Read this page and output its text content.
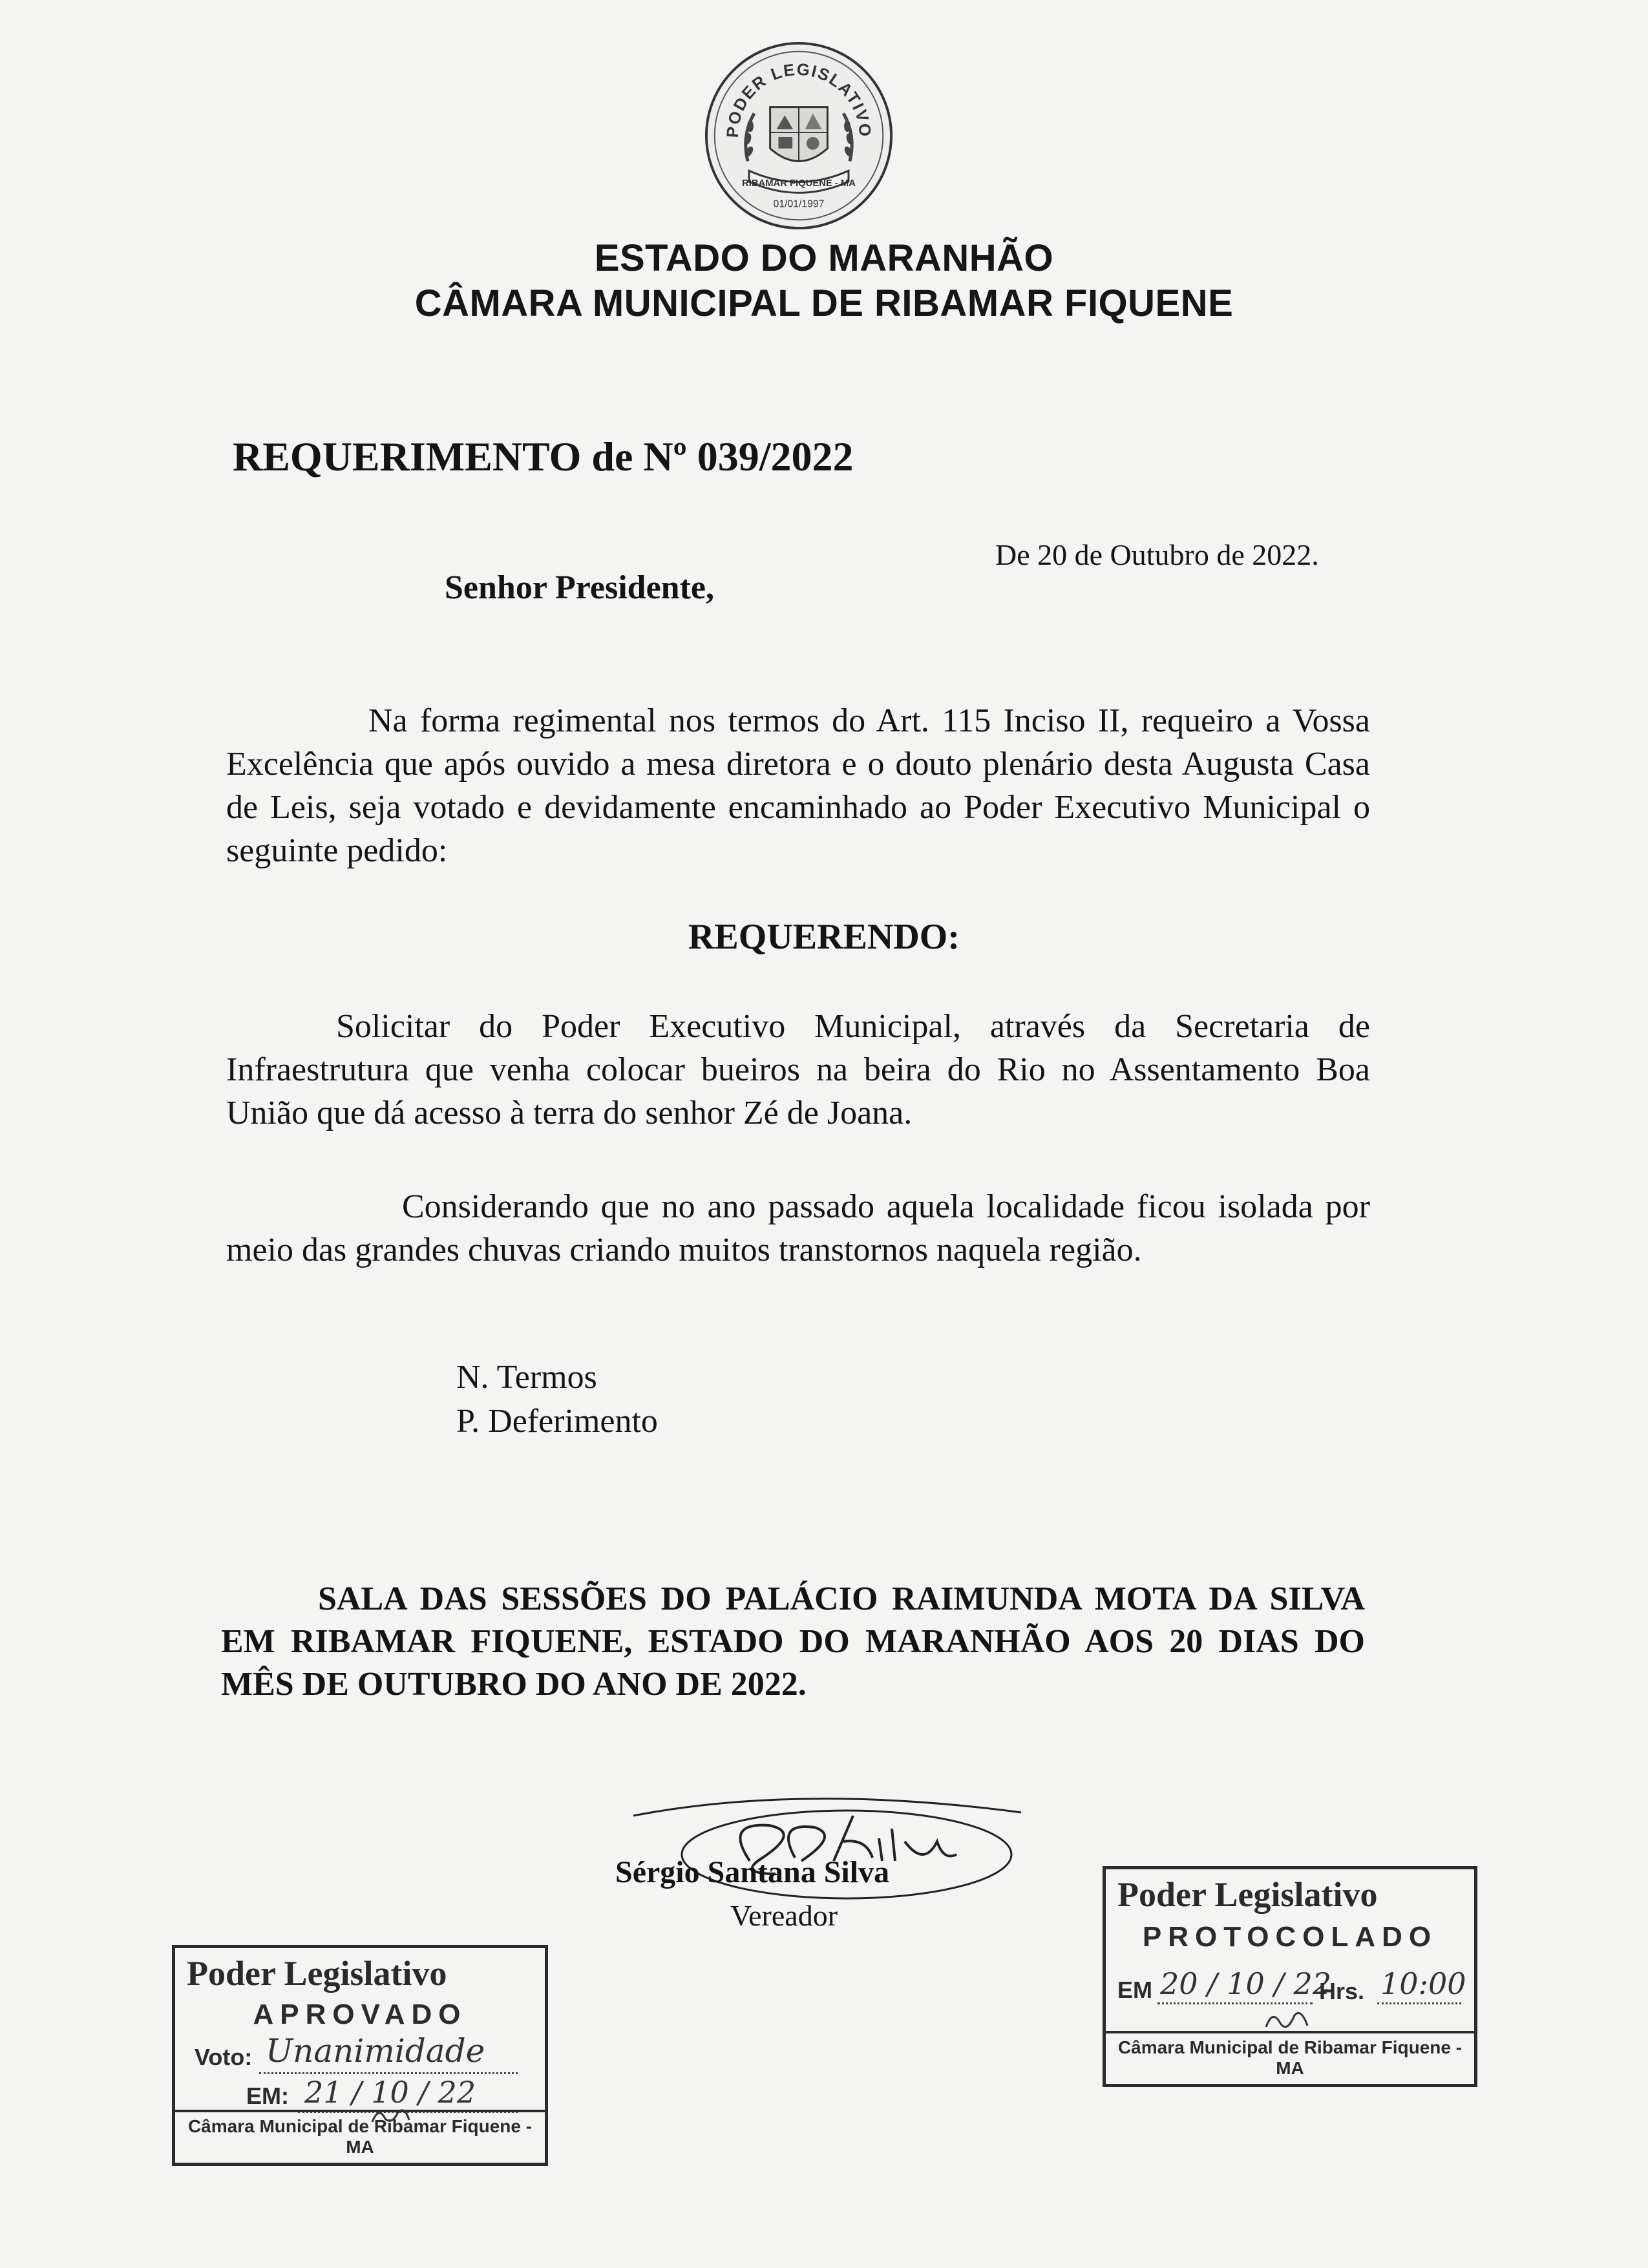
PODER LEGISLATIVO
RIBAMAR FIQUENE - MA
01/01/1997
ESTADO DO MARANHÃO
CÂMARA MUNICIPAL DE RIBAMAR FIQUENE
REQUERIMENTO de Nº 039/2022
De 20 de Outubro de 2022.
Senhor Presidente,
Na forma regimental nos termos do Art. 115 Inciso II, requeiro a Vossa Excelência que após ouvido a mesa diretora e o douto plenário desta Augusta Casa de Leis, seja votado e devidamente encaminhado ao Poder Executivo Municipal o seguinte pedido:
REQUERENDO:
Solicitar do Poder Executivo Municipal, através da Secretaria de Infraestrutura que venha colocar bueiros na beira do Rio no Assentamento Boa União que dá acesso à terra do senhor Zé de Joana.
Considerando que no ano passado aquela localidade ficou isolada por meio das grandes chuvas criando muitos transtornos naquela região.
N. Termos
P. Deferimento
SALA DAS SESSÕES DO PALÁCIO RAIMUNDA MOTA DA SILVA EM RIBAMAR FIQUENE, ESTADO DO MARANHÃO AOS 20 DIAS DO MÊS DE OUTUBRO DO ANO DE 2022.
Sérgio Santana Silva
Vereador
Poder Legislativo
APROVADO
Voto: Unanimidade
EM: 21 / 10 / 22
Câmara Municipal de Ribamar Fiquene - MA
Poder Legislativo
PROTOCOLADO
EM 20 / 10 / 22
Hrs. 10:00
Câmara Municipal de Ribamar Fiquene - MA
